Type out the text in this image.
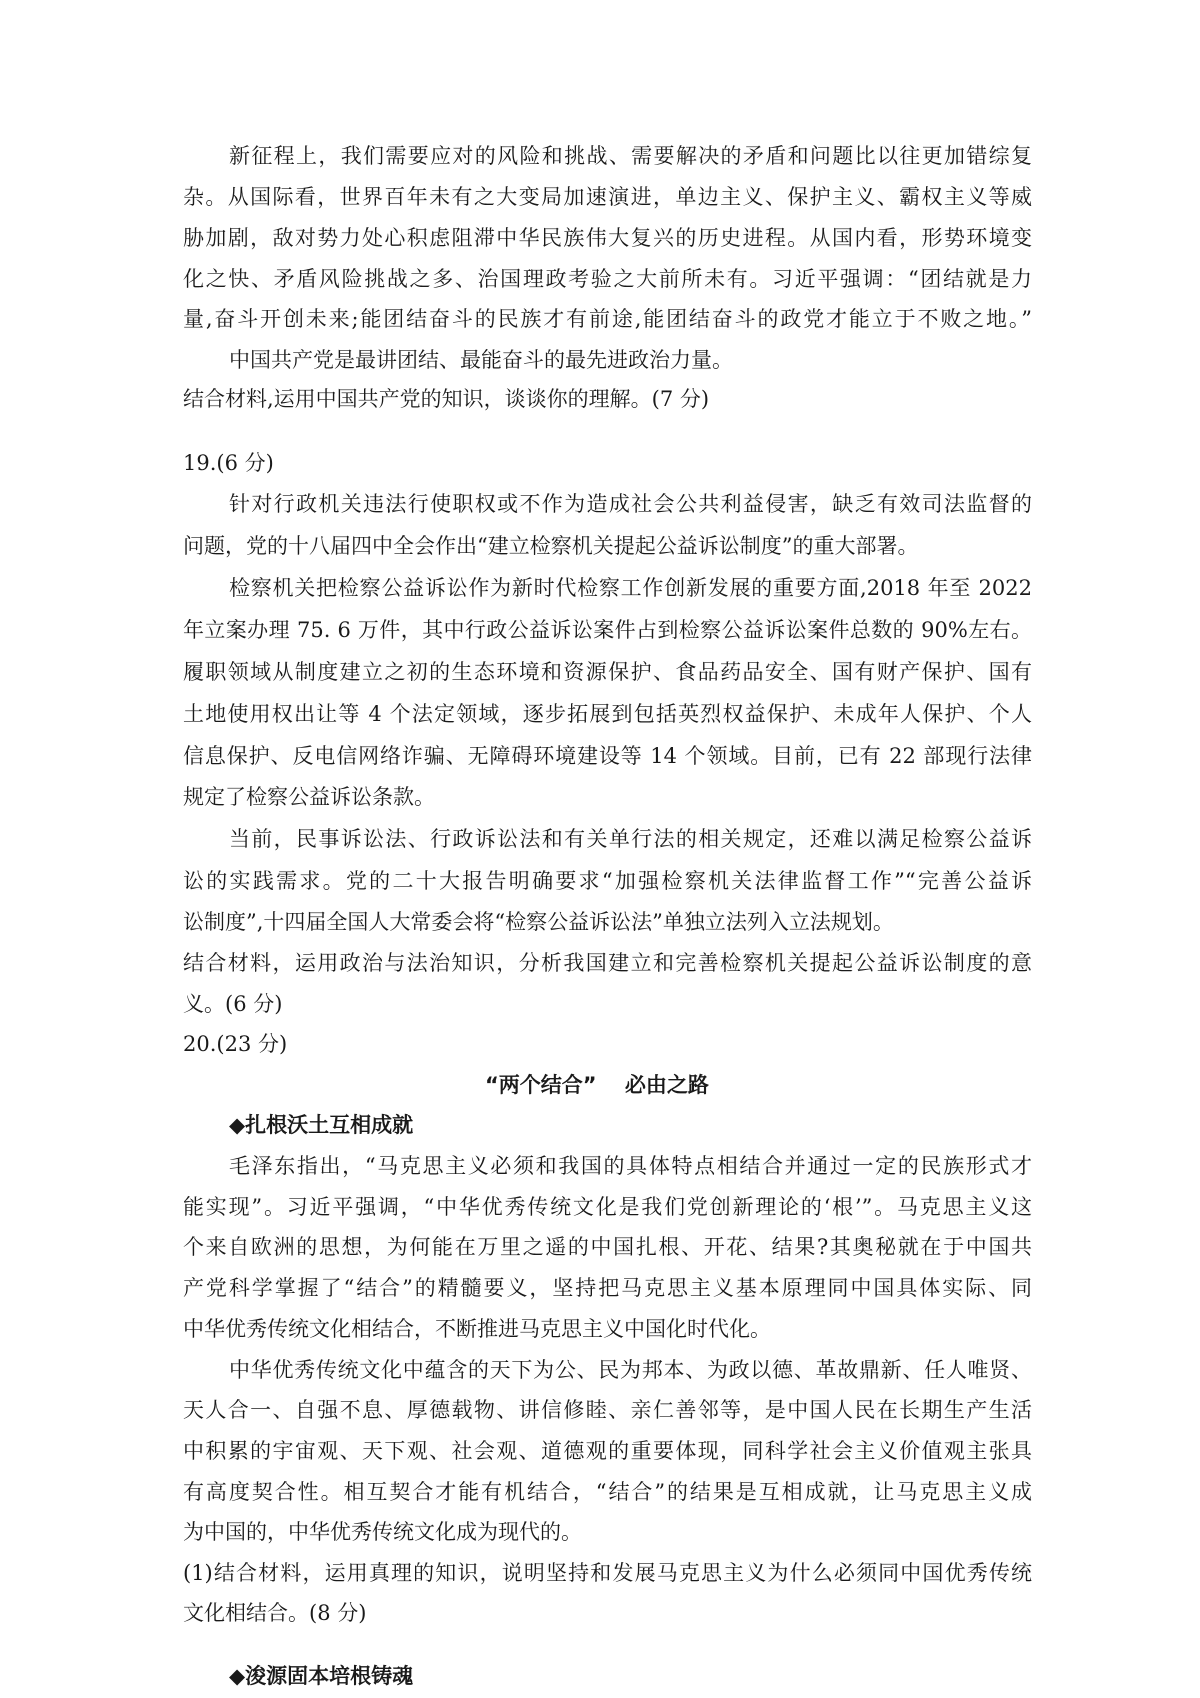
新征程上，我们需要应对的风险和挑战、需要解决的矛盾和问题比以往更加错综复
杂。从国际看，世界百年未有之大变局加速演进，单边主义、保护主义、霸权主义等威
胁加剧，敌对势力处心积虑阻滞中华民族伟大复兴的历史进程。从国内看，形势环境变
化之快、矛盾风险挑战之多、治国理政考验之大前所未有。习近平强调：“团结就是力
量,奋斗开创未来;能团结奋斗的民族才有前途,能团结奋斗的政党才能立于不败之地。”
中国共产党是最讲团结、最能奋斗的最先进政治力量。
结合材料,运用中国共产党的知识，谈谈你的理解。(7 分)
19.(6 分)
针对行政机关违法行使职权或不作为造成社会公共利益侵害，缺乏有效司法监督的
问题，党的十八届四中全会作出“建立检察机关提起公益诉讼制度”的重大部署。
检察机关把检察公益诉讼作为新时代检察工作创新发展的重要方面,2018 年至 2022
年立案办理 75. 6 万件，其中行政公益诉讼案件占到检察公益诉讼案件总数的 90%左右。
履职领域从制度建立之初的生态环境和资源保护、食品药品安全、国有财产保护、国有
土地使用权出让等 4 个法定领域，逐步拓展到包括英烈权益保护、未成年人保护、个人
信息保护、反电信网络诈骗、无障碍环境建设等 14 个领域。目前，已有 22 部现行法律
规定了检察公益诉讼条款。
当前，民事诉讼法、行政诉讼法和有关单行法的相关规定，还难以满足检察公益诉
讼的实践需求。党的二十大报告明确要求“加强检察机关法律监督工作”“完善公益诉
讼制度”,十四届全国人大常委会将“检察公益诉讼法”单独立法列入立法规划。
结合材料，运用政治与法治知识，分析我国建立和完善检察机关提起公益诉讼制度的意
义。(6 分)
20.(23 分)
“两个结合”　 必由之路
◆扎根沃土互相成就
毛泽东指出，“马克思主义必须和我国的具体特点相结合并通过一定的民族形式才
能实现”。习近平强调，“中华优秀传统文化是我们党创新理论的‘根’”。马克思主义这
个来自欧洲的思想，为何能在万里之遥的中国扎根、开花、结果?其奥秘就在于中国共
产党科学掌握了“结合”的精髓要义，坚持把马克思主义基本原理同中国具体实际、同
中华优秀传统文化相结合，不断推进马克思主义中国化时代化。
中华优秀传统文化中蕴含的天下为公、民为邦本、为政以德、革故鼎新、任人唯贤、
天人合一、自强不息、厚德载物、讲信修睦、亲仁善邻等，是中国人民在长期生产生活
中积累的宇宙观、天下观、社会观、道德观的重要体现，同科学社会主义价值观主张具
有高度契合性。相互契合才能有机结合，“结合”的结果是互相成就，让马克思主义成
为中国的，中华优秀传统文化成为现代的。
(1)结合材料，运用真理的知识，说明坚持和发展马克思主义为什么必须同中国优秀传统
文化相结合。(8 分)
◆浚源固本培根铸魂
